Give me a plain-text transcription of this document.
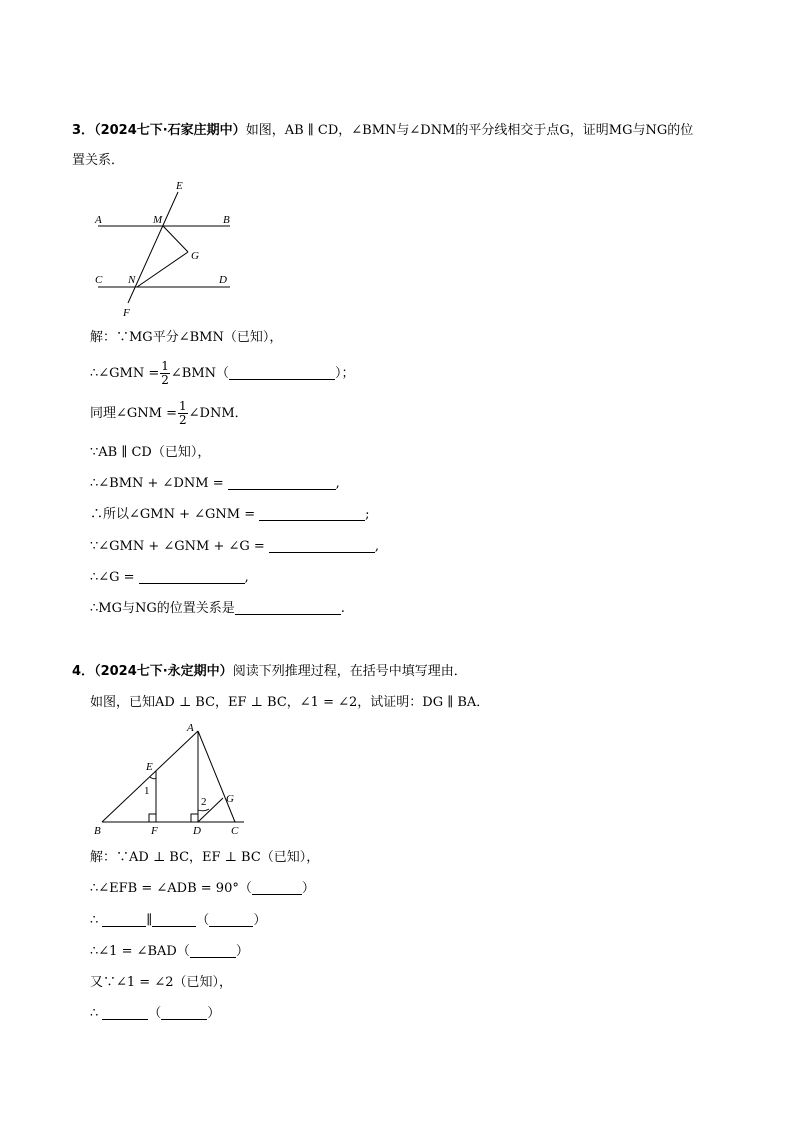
3．（2024七下·石家庄期中）如图，AB ∥ CD，∠BMN与∠DNM的平分线相交于点G，证明MG与NG的位
置关系．
E
A	M	B
G
C N	D
F
解：∵MG平分∠BMN（已知），
∴∠GMN = $\frac{1}{2}$ ∠BMN（	）；
同理∠GNM = $\frac{1}{2}$ ∠DNM．
∵AB ∥ CD（已知），
∴∠BMN + ∠DNM =	,
∴所以∠GMN + ∠GNM =	;
∵∠GMN + ∠GNM + ∠G =	,
∴∠G =	,
∴MG与NG的位置关系是	.
4．（2024七下·永定期中）阅读下列推理过程，在括号中填写理由．
如图，已知AD ⊥ BC，EF ⊥ BC，∠1 = ∠2，试证明：DG ∥ BA．
A
E
1
2 G
B	F	D	C
解：∵AD ⊥ BC，EF ⊥ BC（已知），
∴∠EFB = ∠ADB = 90°（	）
∴	∥	（	）
∴∠1 = ∠BAD（	）
又∵∠1 = ∠2（已知），
∴	（	）
